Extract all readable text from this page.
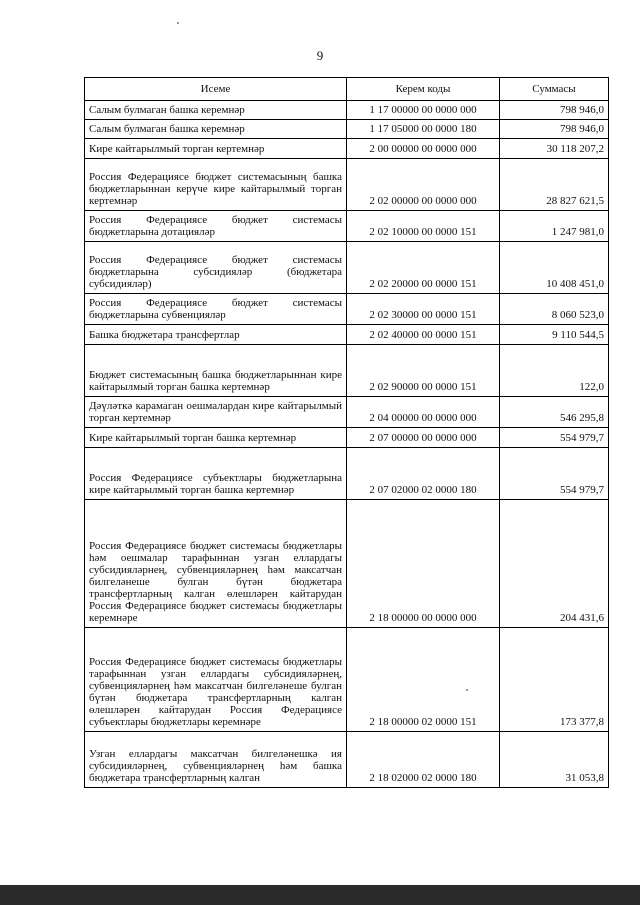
9
Исеме	Керем коды	Суммасы
Салым булмаган башка керемнәр	1 17 00000 00 0000 000	798 946,0
Салым булмаган башка керемнәр	1 17 05000 00 0000 180	798 946,0
Кире кайтарылмый торган кертемнәр	2 00 00000 00 0000 000	30 118 207,2
Россия Федерациясе бюджет системасының башка бюджетларыннан керүче кире кайтарылмый торган кертемнәр	2 02 00000 00 0000 000	28 827 621,5
Россия Федерациясе бюджет системасы бюджетларына дотацияләр	2 02 10000 00 0000 151	1 247 981,0
Россия Федерациясе бюджет системасы бюджетларына субсидияләр (бюджетара субсидияләр)	2 02 20000 00 0000 151	10 408 451,0
Россия Федерациясе бюджет системасы бюджетларына субвенцияләр	2 02 30000 00 0000 151	8 060 523,0
Башка бюджетара трансфертлар	2 02 40000 00 0000 151	9 110 544,5
Бюджет системасының башка бюджетларыннан кире кайтарылмый торган башка кертемнәр	2 02 90000 00 0000 151	122,0
Дәүләткә карамаган оешмалардан кире кайтарылмый торган кертемнәр	2 04 00000 00 0000 000	546 295,8
Кире кайтарылмый торган башка кертемнәр	2 07 00000 00 0000 000	554 979,7
Россия Федерациясе субъектлары бюджетларына кире кайтарылмый торган башка кертемнәр	2 07 02000 02 0000 180	554 979,7
Россия Федерациясе бюджет системасы бюджетлары һәм оешмалар тарафыннан узган еллардагы субсидияләрнең, субвенцияләрнең һәм максатчан билгеләнеше булган бүтән бюджетара трансфертларның калган өлешләрен кайтарудан Россия Федерациясе бюджет системасы бюджетлары керемнәре	2 18 00000 00 0000 000	204 431,6
Россия Федерациясе бюджет системасы бюджетлары тарафыннан узган еллардагы субсидияләрнең, субвенцияләрнең һәм максатчан билгеләнеше булган бүтән бюджетара трансфертларның калган өлешләрен кайтарудан Россия Федерациясе субъектлары бюджетлары керемнәре	2 18 00000 02 0000 151	173 377,8
Узган еллардагы максатчан билгеләнешкә ия субсидияләрнең, субвенцияләрнең һәм башка бюджетара трансфертларның калган	2 18 02000 02 0000 180	31 053,8
